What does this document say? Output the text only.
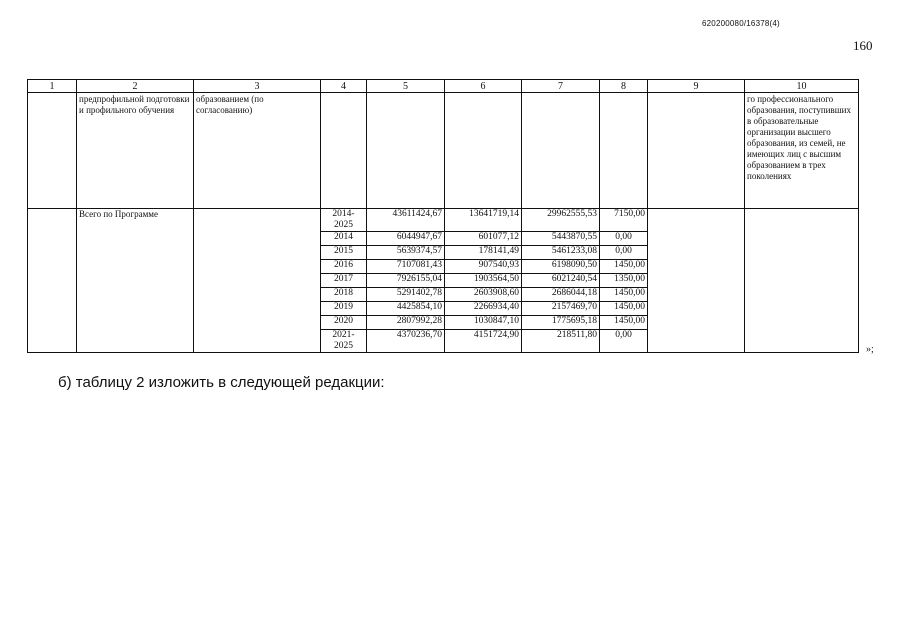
620200080/16378(4)
160
1	2	3	4	5	6	7	8	9	10
	предпрофильной подготовки и профильного обучения	образованием (по согласованию)							го профессионального образования, поступивших в образовательные организации высшего образования, из семей, не имеющих лиц с высшим образованием в трех поколениях
	Всего по Программе		2014-2025	43611424,67	13641719,14	29962555,53	7150,00		
			2014	6044947,67	601077,12	5443870,55	0,00		
			2015	5639374,57	178141,49	5461233,08	0,00		
			2016	7107081,43	907540,93	6198090,50	1450,00		
			2017	7926155,04	1903564,50	6021240,54	1350,00		
			2018	5291402,78	2603908,60	2686044,18	1450,00		
			2019	4425854,10	2266934,40	2157469,70	1450,00		
			2020	2807992,28	1030847,10	1775695,18	1450,00		
			2021-2025	4370236,70	4151724,90	218511,80	0,00		
»;
б) таблицу 2 изложить в следующей редакции:
